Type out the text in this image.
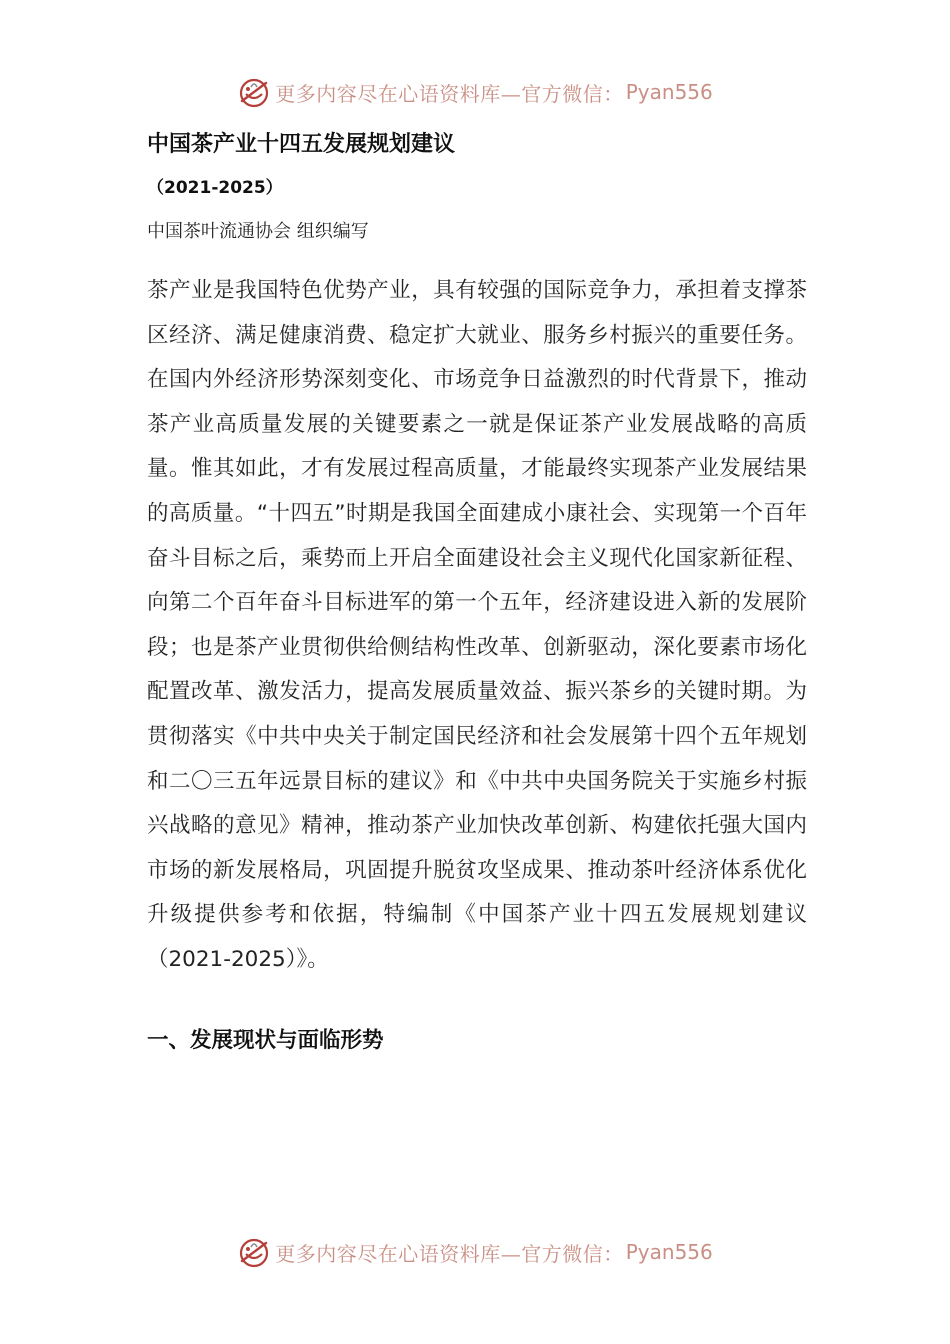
更多内容尽在心语资料库—官方微信： Pyan556
中国茶产业十四五发展规划建议
（2021-2025）
中国茶叶流通协会 组织编写

茶产业是我国特色优势产业，具有较强的国际竞争力，承担着支撑茶区经济、满足健康消费、稳定扩大就业、服务乡村振兴的重要任务。在国内外经济形势深刻变化、市场竞争日益激烈的时代背景下，推动茶产业高质量发展的关键要素之一就是保证茶产业发展战略的高质量。惟其如此，才有发展过程高质量，才能最终实现茶产业发展结果的高质量。“十四五”时期是我国全面建成小康社会、实现第一个百年奋斗目标之后，乘势而上开启全面建设社会主义现代化国家新征程、向第二个百年奋斗目标进军的第一个五年，经济建设进入新的发展阶段；也是茶产业贯彻供给侧结构性改革、创新驱动，深化要素市场化配置改革、激发活力，提高发展质量效益、振兴茶乡的关键时期。为贯彻落实《中共中央关于制定国民经济和社会发展第十四个五年规划和二〇三五年远景目标的建议》和《中共中央国务院关于实施乡村振兴战略的意见》精神，推动茶产业加快改革创新、构建依托强大国内市场的新发展格局，巩固提升脱贫攻坚成果、推动茶叶经济体系优化升级提供参考和依据，特编制《中国茶产业十四五发展规划建议（2021-2025）》。

一、发展现状与面临形势
更多内容尽在心语资料库—官方微信： Pyan556
